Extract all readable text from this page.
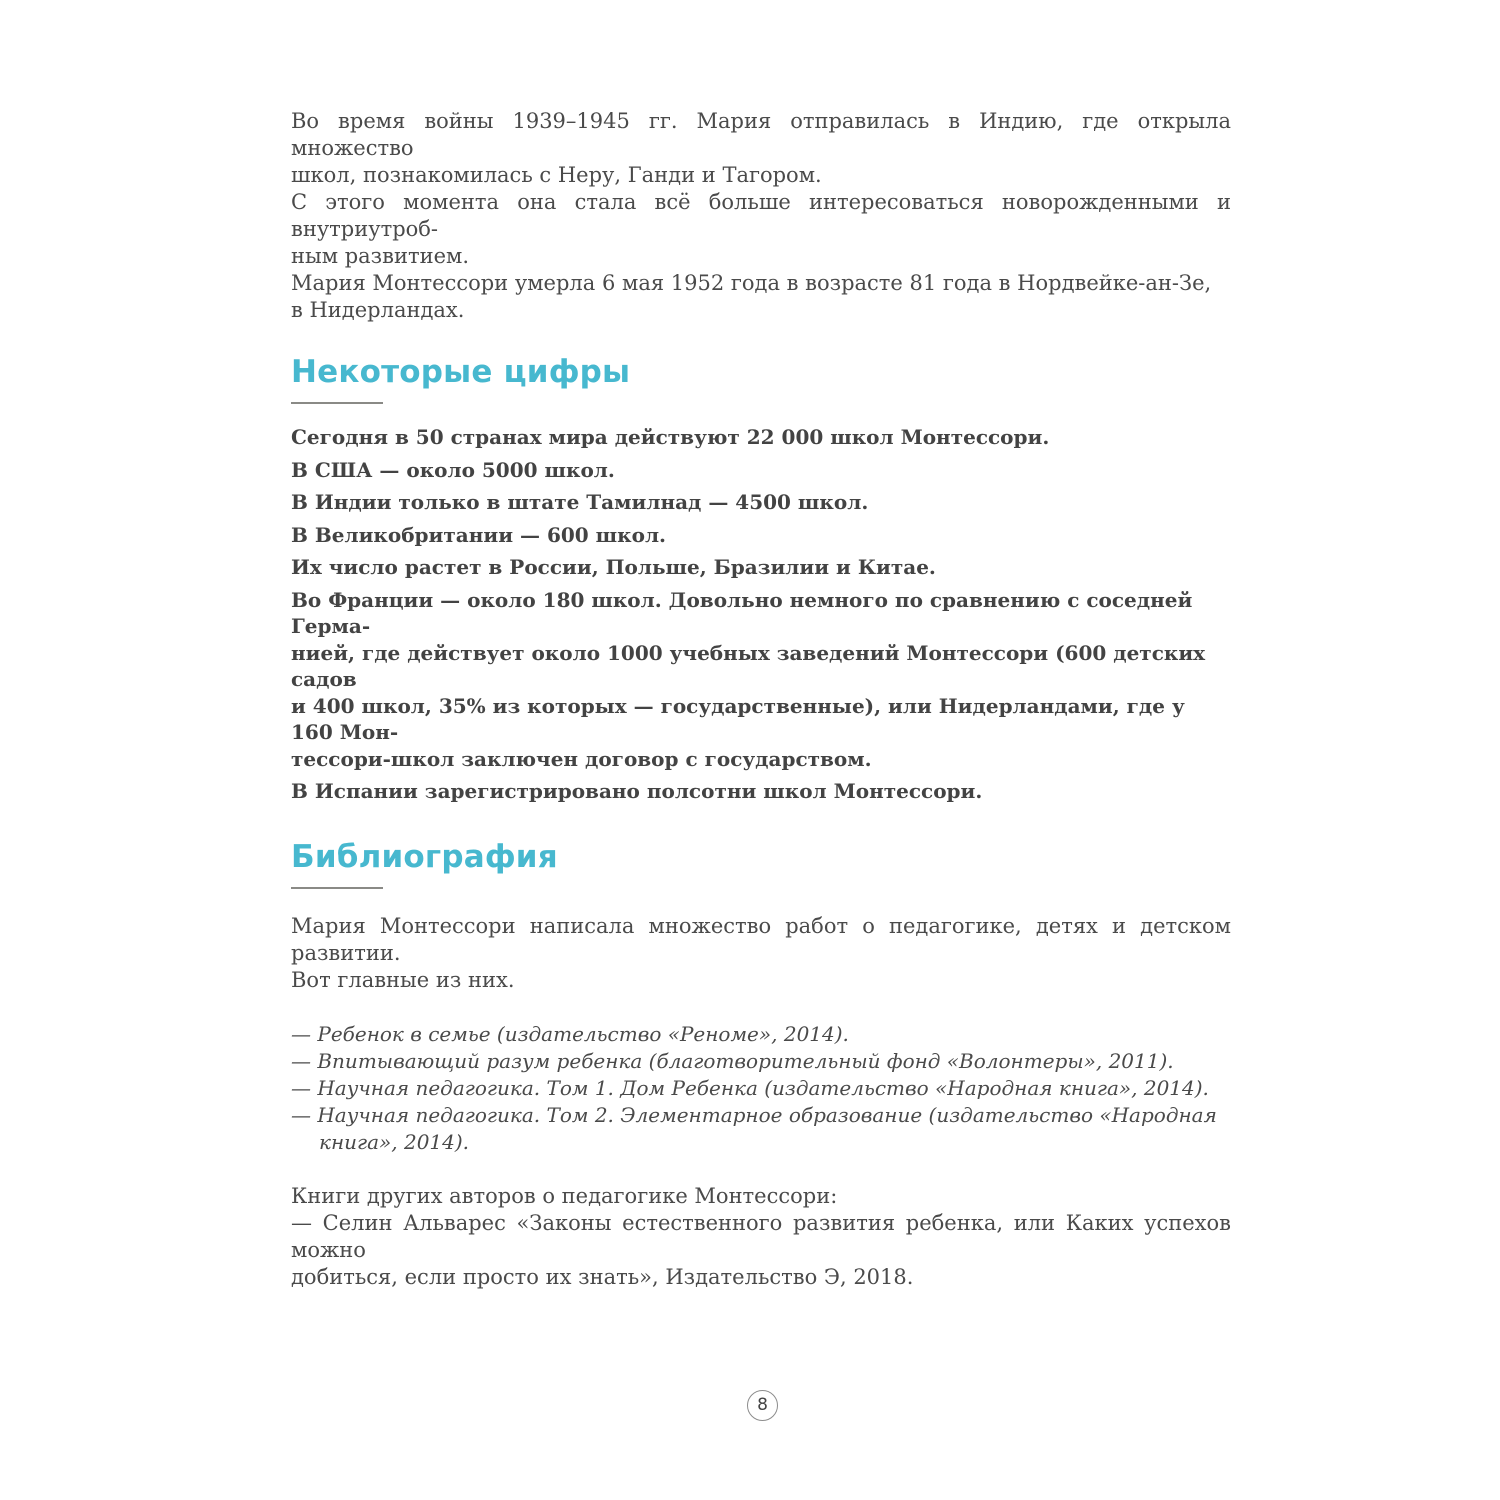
Во время войны 1939–1945 гг. Мария отправилась в Индию, где открыла множество

школ, познакомилась с Неру, Ганди и Тагором.

С этого момента она стала всё больше интересоваться новорожденными и внутриутроб-

ным развитием.

Мария Монтессори умерла 6 мая 1952 года в возрасте 81 года в Нордвейке-ан-Зе,

в Нидерландах.

Некоторые цифры

Сегодня в 50 странах мира действуют 22 000 школ Монтессори.

В США — около 5000 школ.

В Индии только в штате Тамилнад — 4500 школ.

В Великобритании — 600 школ.

Их число растет в России, Польше, Бразилии и Китае.

Во Франции — около 180 школ. Довольно немного по сравнению с соседней Герма-

нией, где действует около 1000 учебных заведений Монтессори (600 детских садов

и 400 школ, 35% из которых — государственные), или Нидерландами, где у 160 Мон-

тессори-школ заключен договор с государством.

В Испании зарегистрировано полсотни школ Монтессори.

Библиография

Мария Монтессори написала множество работ о педагогике, детях и детском развитии.

Вот главные из них.

— Ребенок в семье (издательство «Реноме», 2014).
— Впитывающий разум ребенка (благотворительный фонд «Волонтеры», 2011).
— Научная педагогика. Том 1. Дом Ребенка (издательство «Народная книга», 2014).
— Научная педагогика. Том 2. Элементарное образование (издательство «Народная
книга», 2014).

Книги других авторов о педагогике Монтессори:

— Селин Альварес «Законы естественного развития ребенка, или Каких успехов можно

добиться, если просто их знать», Издательство Э, 2018.

8
